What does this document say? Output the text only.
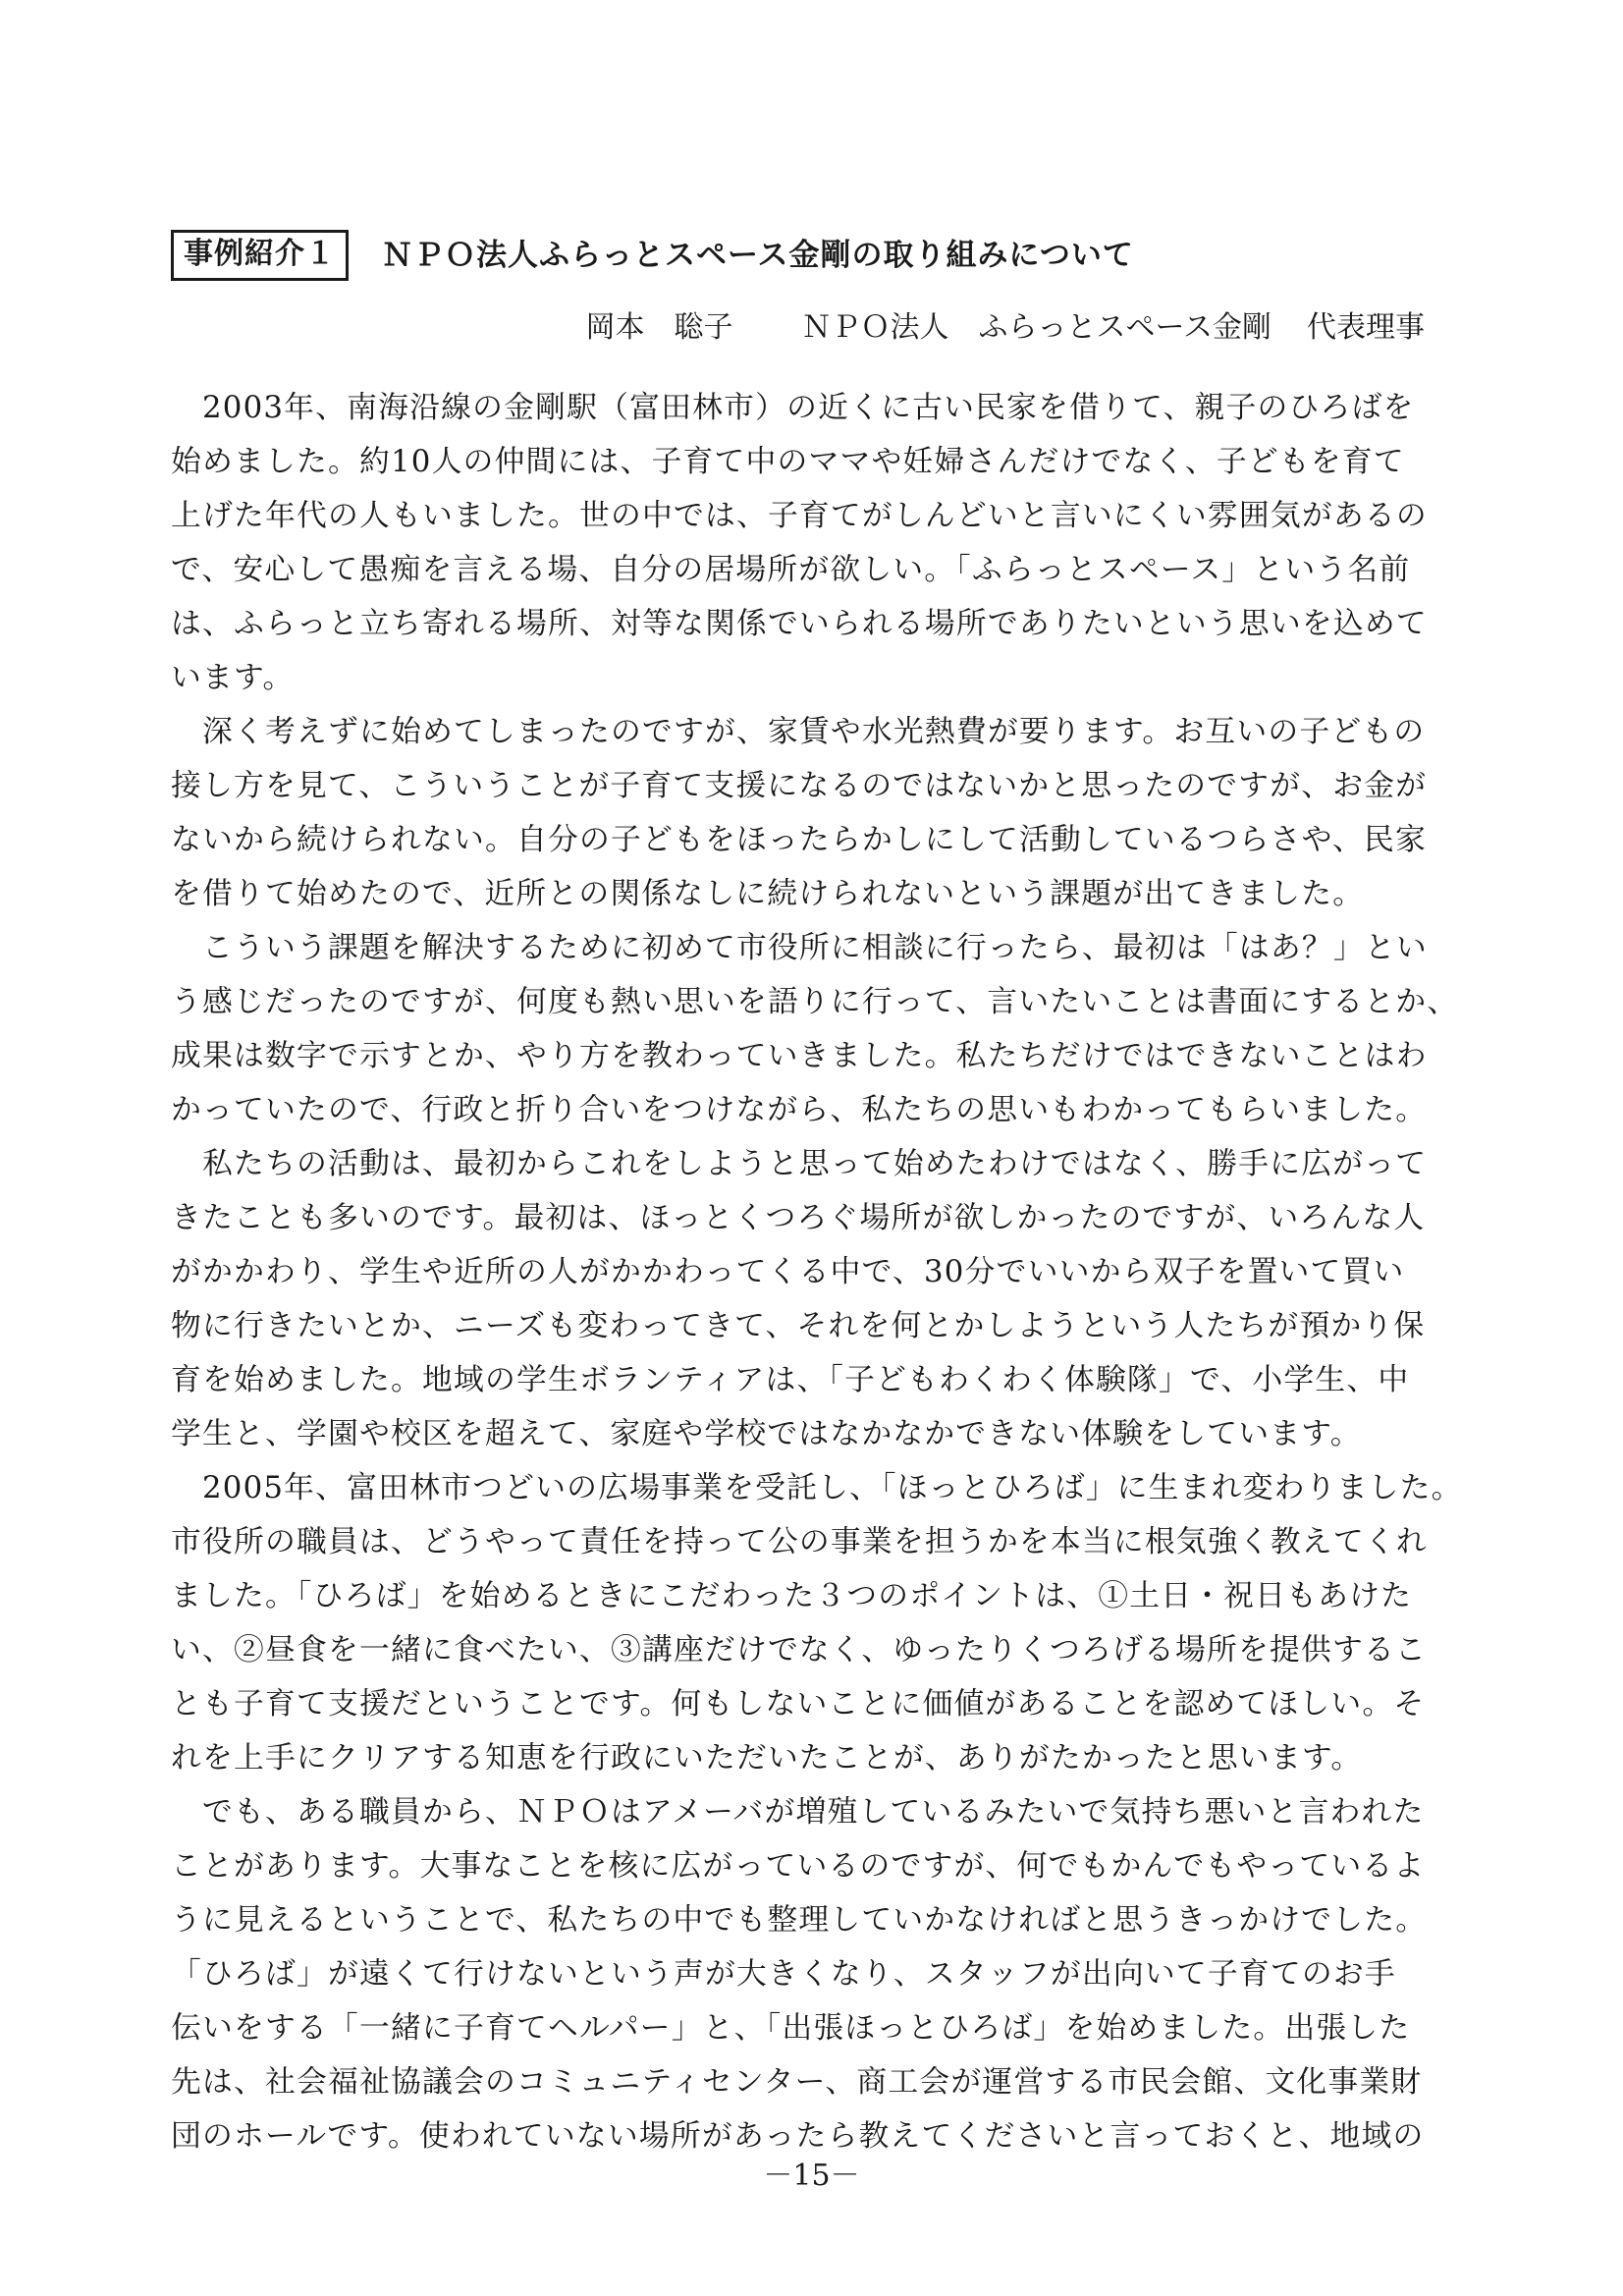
事例紹介１	ＮＰＯ法人ふらっとスペース金剛の取り組みについて
岡本　聡子 ＮＰＯ法人　ふらっとスペース金剛 代表理事
　2003年、南海沿線の金剛駅（富田林市）の近くに古い民家を借りて、親子のひろばを
始めました。約10人の仲間には、子育て中のママや妊婦さんだけでなく、子どもを育て
上げた年代の人もいました。世の中では、子育てがしんどいと言いにくい雰囲気があるの
で、安心して愚痴を言える場、自分の居場所が欲しい。「ふらっとスペース」という名前
は、ふらっと立ち寄れる場所、対等な関係でいられる場所でありたいという思いを込めて
います。
　深く考えずに始めてしまったのですが、家賃や水光熱費が要ります。お互いの子どもの
接し方を見て、こういうことが子育て支援になるのではないかと思ったのですが、お金が
ないから続けられない。自分の子どもをほったらかしにして活動しているつらさや、民家
を借りて始めたので、近所との関係なしに続けられないという課題が出てきました。
　こういう課題を解決するために初めて市役所に相談に行ったら、最初は「はあ？」とい
う感じだったのですが、何度も熱い思いを語りに行って、言いたいことは書面にするとか、
成果は数字で示すとか、やり方を教わっていきました。私たちだけではできないことはわ
かっていたので、行政と折り合いをつけながら、私たちの思いもわかってもらいました。
　私たちの活動は、最初からこれをしようと思って始めたわけではなく、勝手に広がって
きたことも多いのです。最初は、ほっとくつろぐ場所が欲しかったのですが、いろんな人
がかかわり、学生や近所の人がかかわってくる中で、30分でいいから双子を置いて買い
物に行きたいとか、ニーズも変わってきて、それを何とかしようという人たちが預かり保
育を始めました。地域の学生ボランティアは、「子どもわくわく体験隊」で、小学生、中
学生と、学園や校区を超えて、家庭や学校ではなかなかできない体験をしています。
　2005年、富田林市つどいの広場事業を受託し、「ほっとひろば」に生まれ変わりました。
市役所の職員は、どうやって責任を持って公の事業を担うかを本当に根気強く教えてくれ
ました。「ひろば」を始めるときにこだわった３つのポイントは、①土日・祝日もあけた
い、②昼食を一緒に食べたい、③講座だけでなく、ゆったりくつろげる場所を提供するこ
とも子育て支援だということです。何もしないことに価値があることを認めてほしい。そ
れを上手にクリアする知恵を行政にいただいたことが、ありがたかったと思います。
　でも、ある職員から、ＮＰＯはアメーバが増殖しているみたいで気持ち悪いと言われた
ことがあります。大事なことを核に広がっているのですが、何でもかんでもやっているよ
うに見えるということで、私たちの中でも整理していかなければと思うきっかけでした。
「ひろば」が遠くて行けないという声が大きくなり、スタッフが出向いて子育てのお手
伝いをする「一緒に子育てヘルパー」と、「出張ほっとひろば」を始めました。出張した
先は、社会福祉協議会のコミュニティセンター、商工会が運営する市民会館、文化事業財
団のホールです。使われていない場所があったら教えてくださいと言っておくと、地域の
－15－
